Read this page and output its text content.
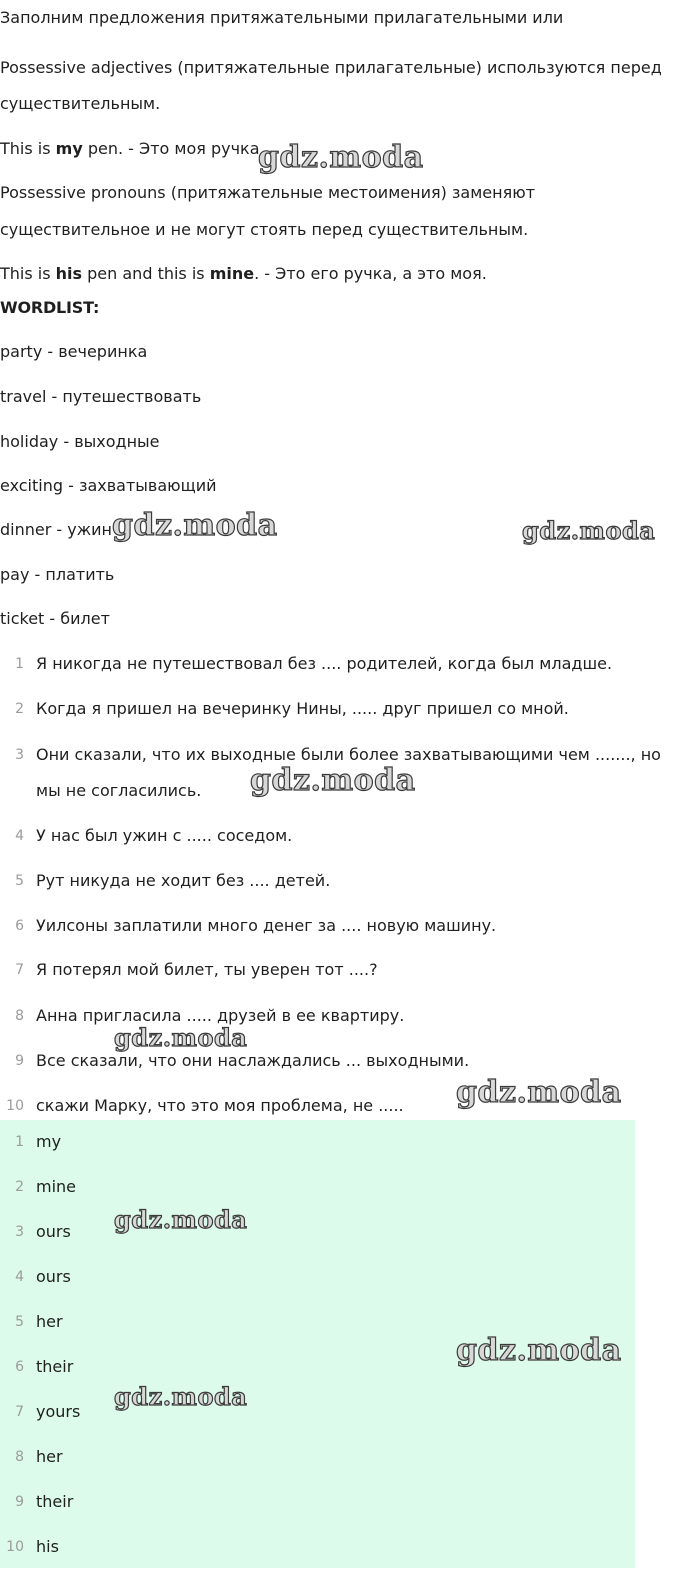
Заполним предложения притяжательными прилагательными или
Possessive adjectives (притяжательные прилагательные) используются перед
существительным.
This is my pen. - Это моя ручка.
Possessive pronouns (притяжательные местоимения) заменяют
существительное и не могут стоять перед существительным.
This is his pen and this is mine. - Это его ручка, а это моя.
WORDLIST:
party - вечеринка
travel - путешествовать
holiday - выходные
exciting - захватывающий
dinner - ужин
pay - платить
ticket - билет
1 Я никогда не путешествовал без .... родителей, когда был младше.
2 Когда я пришел на вечеринку Нины, ..... друг пришел со мной.
3 Они сказали, что их выходные были более захватывающими чем ......., но
мы не согласились.
4 У нас был ужин с ..... соседом.
5 Рут никуда не ходит без .... детей.
6 Уилсоны заплатили много денег за .... новую машину.
7 Я потерял мой билет, ты уверен тот ....?
8 Анна пригласила ..... друзей в ее квартиру.
9 Все сказали, что они наслаждались ... выходными.
10 скажи Марку, что это моя проблема, не .....
1 my
2 mine
3 ours
4 ours
5 her
6 their
7 yours
8 her
9 their
10 his
gdz.moda
gdz.moda	gdz.moda
gdz.moda
gdz.moda
gdz.moda
gdz.moda
gdz.moda
gdz.moda
